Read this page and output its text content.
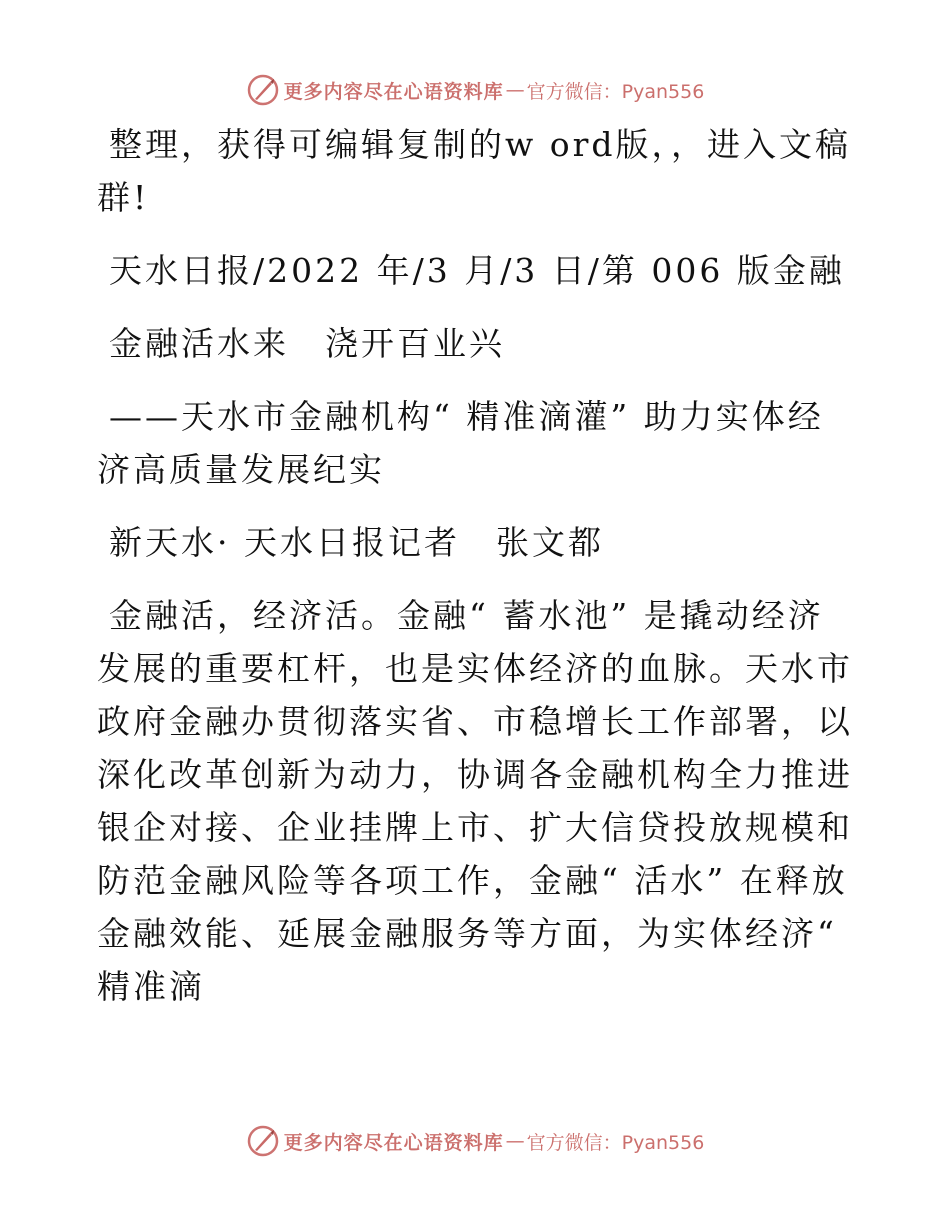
更多内容尽在心语资料库 — 官方微信：Pyan556

整理，获得可编辑复制的w ord版，，进入文稿群!

天水日报/2022 年/3 月/3 日/第 006 版金融

金融活水来　浇开百业兴

——天水市金融机构“ 精准滴灌” 助力实体经济高质量发展纪实

新天水· 天水日报记者　张文都

金融活，经济活。金融“ 蓄水池” 是撬动经济发展的重要杠杆，也是实体经济的血脉。天水市政府金融办贯彻落实省、市稳增长工作部署，以深化改革创新为动力，协调各金融机构全力推进银企对接、企业挂牌上市、扩大信贷投放规模和防范金融风险等各项工作，金融“ 活水” 在释放金融效能、延展金融服务等方面，为实体经济“ 精准滴

更多内容尽在心语资料库 — 官方微信：Pyan556
